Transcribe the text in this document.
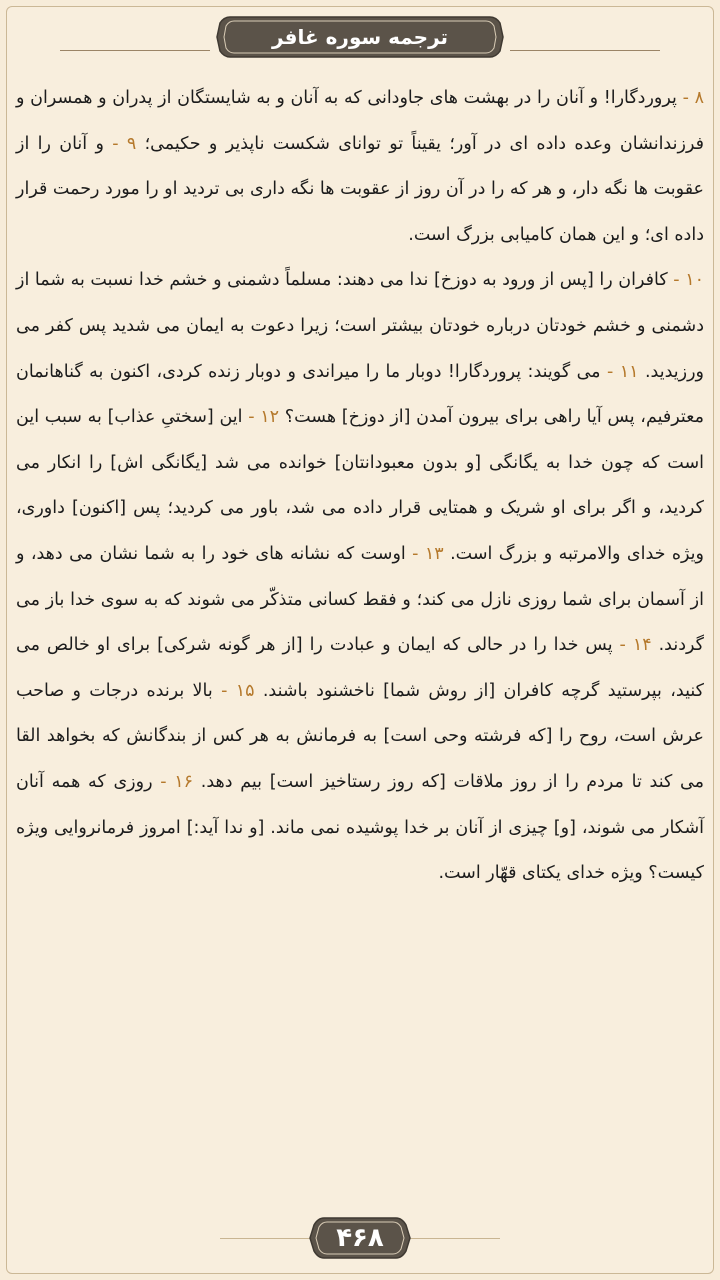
ترجمه سوره غافر

۸ - پروردگارا! و آنان را در بهشت های جاودانی که به آنان و به شایستگان از پدران و همسران و فرزندانشان وعده داده ای در آور؛ یقیناً تو توانای شکست ناپذیر و حکیمی؛ ۹ - و آنان را از عقوبت ها نگه دار، و هر که را در آن روز از عقوبت ها نگه داری بی تردید او را مورد رحمت قرار داده ای؛ و این همان کامیابی بزرگ است.

۱۰ - کافران را [پس از ورود به دوزخ] ندا می دهند: مسلماً دشمنی و خشم خدا نسبت به شما از دشمنی و خشم خودتان درباره خودتان بیشتر است؛ زیرا دعوت به ایمان می شدید پس کفر می ورزیدید. ۱۱ - می گویند: پروردگارا! دوبار ما را میراندی و دوبار زنده کردی، اکنون به گناهانمان معترفیم، پس آیا راهی برای بیرون آمدن [از دوزخ] هست؟ ۱۲ - این [سختیِ عذاب] به سبب این است که چون خدا به یگانگی [و بدون معبودانتان] خوانده می شد [یگانگی اش] را انکار می کردید، و اگر برای او شریک و همتایی قرار داده می شد، باور می کردید؛ پس [اکنون] داوری، ویژه خدای والامرتبه و بزرگ است. ۱۳ - اوست که نشانه های خود را به شما نشان می دهد، و از آسمان برای شما روزی نازل می کند؛ و فقط کسانی متذکّر می شوند که به سوی خدا باز می گردند. ۱۴ - پس خدا را در حالی که ایمان و عبادت را [از هر گونه شرکی] برای او خالص می کنید، بپرستید گرچه کافران [از روش شما] ناخشنود باشند. ۱۵ - بالا برنده درجات و صاحب عرش است، روح را [که فرشته وحی است] به فرمانش به هر کس از بندگانش که بخواهد القا می کند تا مردم را از روز ملاقات [که روز رستاخیز است] بیم دهد. ۱۶ - روزی که همه آنان آشکار می شوند، [و] چیزی از آنان بر خدا پوشیده نمی ماند. [و ندا آید:] امروز فرمانروایی ویژه کیست؟ ویژه خدای یکتای قهّار است.

۴۶۸
